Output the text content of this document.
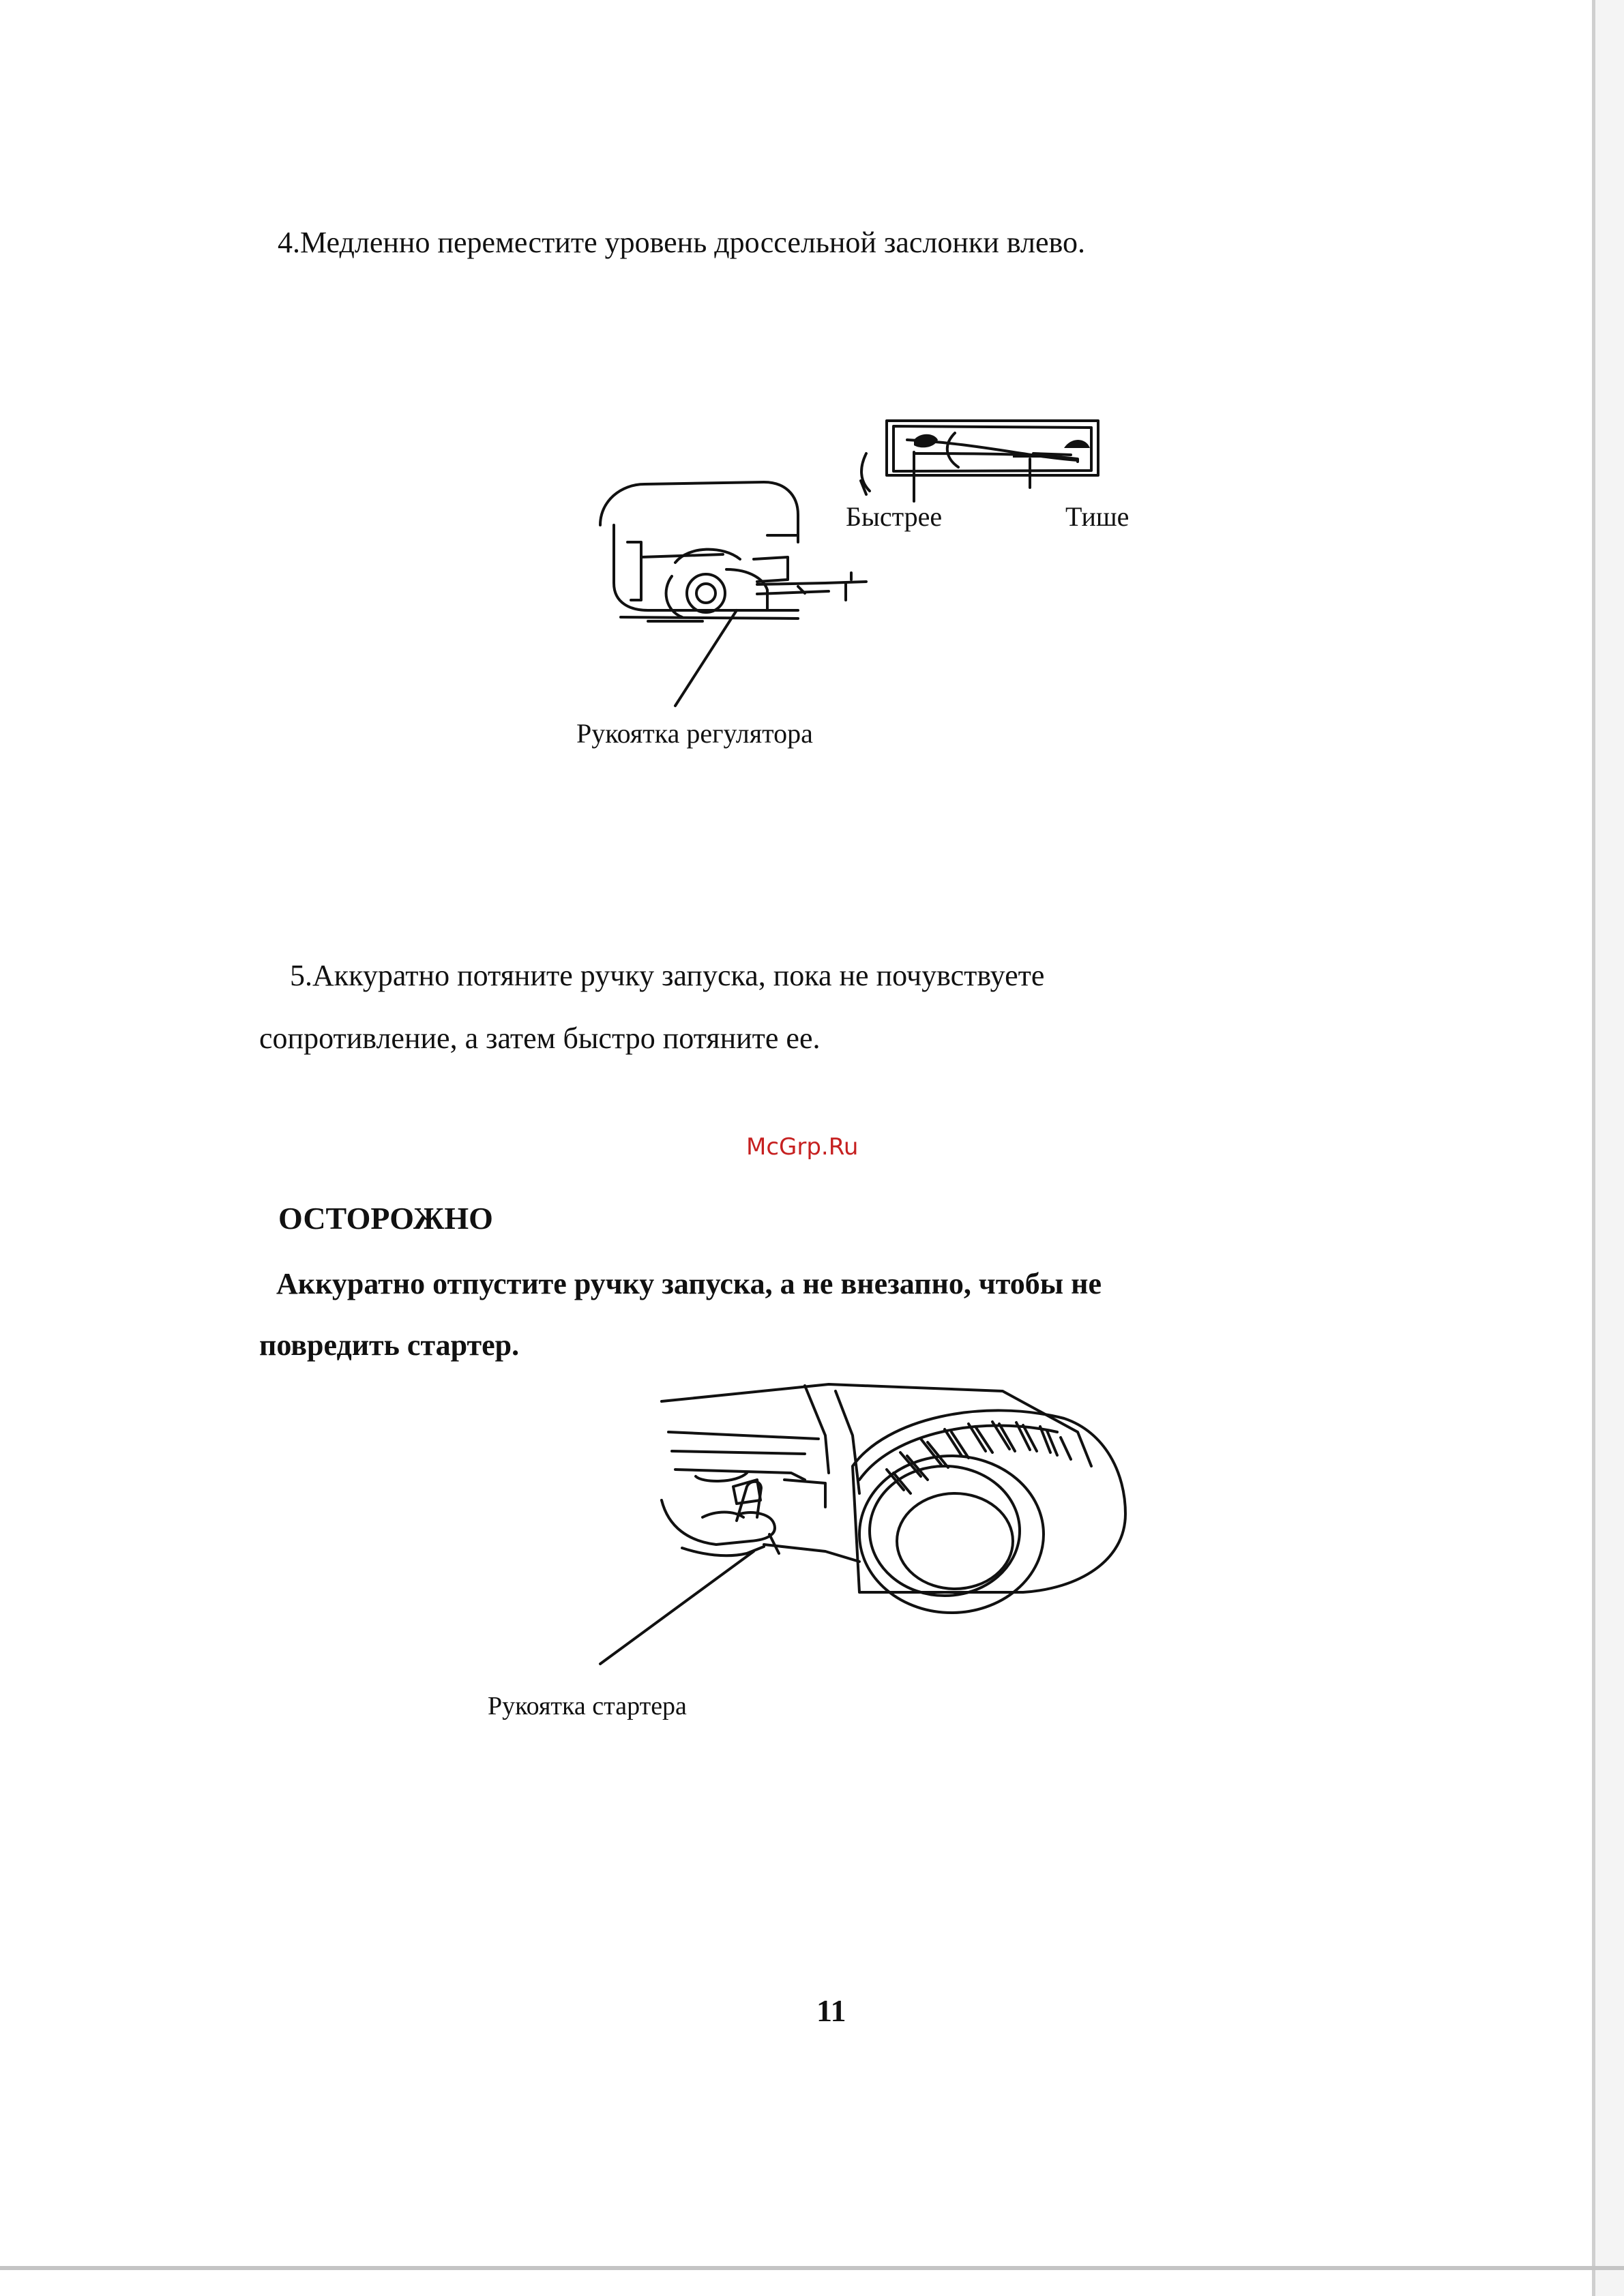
4.Медленно переместите уровень дроссельной заслонки влево.
Быстрее	Тише
Рукоятка регулятора
5.Аккуратно потяните ручку запуска, пока не почувствуете
сопротивление, а затем быстро потяните ее.
McGrp.Ru
ОСТОРОЖНО
Аккуратно отпустите ручку запуска, а не внезапно, чтобы не
повредить стартер.
Рукоятка стартера
11
